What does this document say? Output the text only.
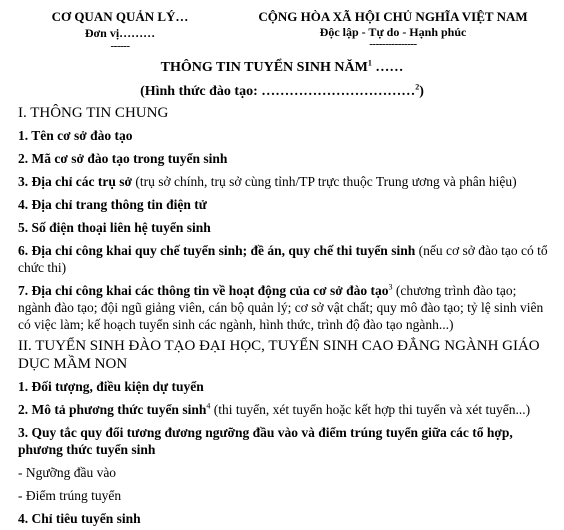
CƠ QUAN QUẢN LÝ…
Đơn vị………
------
CỘNG HÒA XÃ HỘI CHỦ NGHĨA VIỆT NAM
Độc lập - Tự do - Hạnh phúc
---------------
THÔNG TIN TUYỂN SINH NĂM$^1$ ……
(Hình thức đào tạo: ……………………………$^2$)
I. THÔNG TIN CHUNG
1. Tên cơ sở đào tạo
2. Mã cơ sở đào tạo trong tuyển sinh
3. Địa chỉ các trụ sở (trụ sở chính, trụ sở cùng tỉnh/TP trực thuộc Trung ương và phân hiệu)
4. Địa chỉ trang thông tin điện tử
5. Số điện thoại liên hệ tuyển sinh
6. Địa chỉ công khai quy chế tuyển sinh; đề án, quy chế thi tuyển sinh (nếu cơ sở đào tạo có tổ chức thi)
7. Địa chỉ công khai các thông tin về hoạt động của cơ sở đào tạo$^3$ (chương trình đào tạo; ngành đào tạo; đội ngũ giảng viên, cán bộ quản lý; cơ sở vật chất; quy mô đào tạo; tỷ lệ sinh viên có việc làm; kế hoạch tuyển sinh các ngành, hình thức, trình độ đào tạo ngành...)
II. TUYỂN SINH ĐÀO TẠO ĐẠI HỌC, TUYỂN SINH CAO ĐẲNG NGÀNH GIÁO DỤC MẦM NON
1. Đối tượng, điều kiện dự tuyển
2. Mô tả phương thức tuyển $\sinh^4 (thi$ tuyển, xét tuyển hoặc kết hợp thi tuyển và xét tuyển...)
3. Quy tắc quy đổi tương đương ngưỡng đầu vào và điểm trúng tuyển giữa các tổ hợp, phương thức tuyển sinh
- Ngưỡng đầu vào
- Điểm trúng tuyển
4. Chỉ tiêu tuyển sinh
